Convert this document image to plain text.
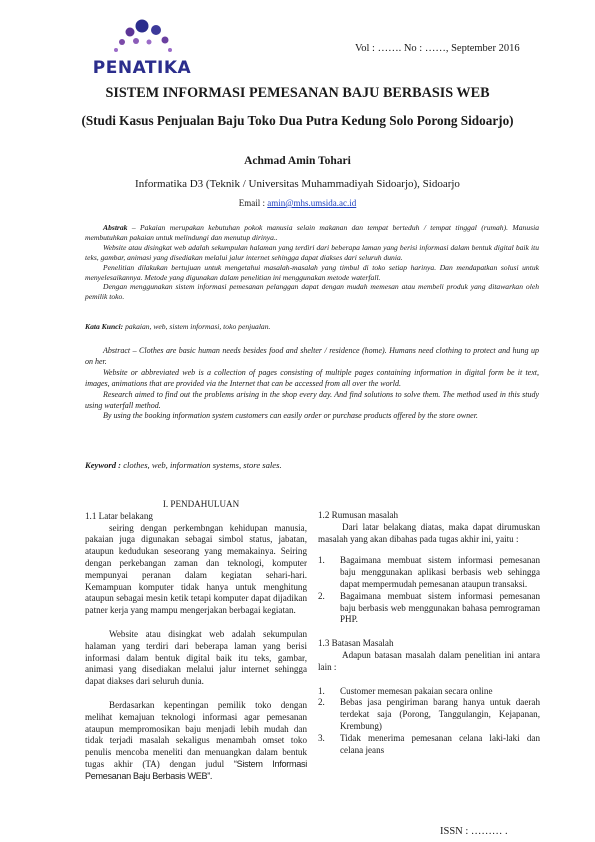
PENATIKA
Vol : ……. No : ……, September 2016
SISTEM INFORMASI PEMESANAN BAJU BERBASIS WEB
(Studi Kasus Penjualan Baju Toko Dua Putra Kedung Solo Porong Sidoarjo)
Achmad Amin Tohari
Informatika D3 (Teknik / Universitas Muhammadiyah Sidoarjo), Sidoarjo
Email : amin@mhs.umsida.ac.id

Abstrak – Pakaian merupakan kebutuhan pokok manusia selain makanan dan tempat berteduh / tempat tinggal (rumah). Manusia membutuhkan pakaian untuk melindungi dan menutup dirinya..

Website atau disingkat web adalah sekumpulan halaman yang terdiri dari beberapa laman yang berisi informasi dalam bentuk digital baik itu teks, gambar, animasi yang disediakan melalui jalur internet sehingga dapat diakses dari seluruh dunia.

Penelitian dilakukan bertujuan untuk mengetahui masalah-masalah yang timbul di toko setiap harinya. Dan mendapatkan solusi untuk menyelesaikannya. Metode yang digunakan dalam penelitian ini menggunakan metode waterfall.

Dengan menggunakan sistem informasi pemesanan pelanggan dapat dengan mudah memesan atau membeli produk yang ditawarkan oleh pemilik toko.

Kata Kunci: pakaian, web, sistem informasi, toko penjualan.

Abstract – Clothes are basic human needs besides food and shelter / residence (home). Humans need clothing to protect and hung up on her.

Website or abbreviated web is a collection of pages consisting of multiple pages containing information in digital form be it text, images, animations that are provided via the Internet that can be accessed from all over the world.

Research aimed to find out the problems arising in the shop every day. And find solutions to solve them. The method used in this study using waterfall method.

By using the booking information system customers can easily order or purchase products offered by the store owner.

Keyword : clothes, web, information systems, store sales.

I. PENDAHULUAN

1.1 Latar belakang

seiring dengan perkembngan kehidupan manusia, pakaian juga digunakan sebagai simbol status, jabatan, ataupun kedudukan seseorang yang memakainya. Seiring dengan perkebangan zaman dan teknologi, komputer mempunyai peranan dalam kegiatan sehari-hari. Kemampuan komputer tidak hanya untuk menghitung ataupun sebagai mesin ketik tetapi komputer dapat dijadikan patner kerja yang mampu mengerjakan berbagai kegiatan.

Website atau disingkat web adalah sekumpulan halaman yang terdiri dari beberapa laman yang berisi informasi dalam bentuk digital baik itu teks, gambar, animasi yang disediakan melalui jalur internet sehingga dapat diakses dari seluruh dunia.

Berdasarkan kepentingan pemilik toko dengan melihat kemajuan teknologi informasi agar pemesanan ataupun mempromosikan baju menjadi lebih mudah dan tidak terjadi masalah sekaligus menambah omset toko penulis mencoba meneliti dan menuangkan dalam bentuk tugas akhir (TA) dengan judul “Sistem Informasi Pemesanan Baju Berbasis WEB”.

1.2 Rumusan masalah

Dari latar belakang diatas, maka dapat dirumuskan masalah yang akan dibahas pada tugas akhir ini, yaitu :

1. Bagaimana membuat sistem informasi pemesanan baju menggunakan aplikasi berbasis web sehingga dapat mempermudah pemesanan ataupun transaksi.
2. Bagaimana membuat sistem informasi pemesanan baju berbasis web menggunakan bahasa pemrograman PHP.

1.3 Batasan Masalah

Adapun batasan masalah dalam penelitian ini antara lain :

1. Customer memesan pakaian secara online
2. Bebas jasa pengiriman barang hanya untuk daerah terdekat saja (Porong, Tanggulangin, Kejapanan, Krembung)
3. Tidak menerima pemesanan celana laki-laki dan celana jeans
ISSN : ……… .
